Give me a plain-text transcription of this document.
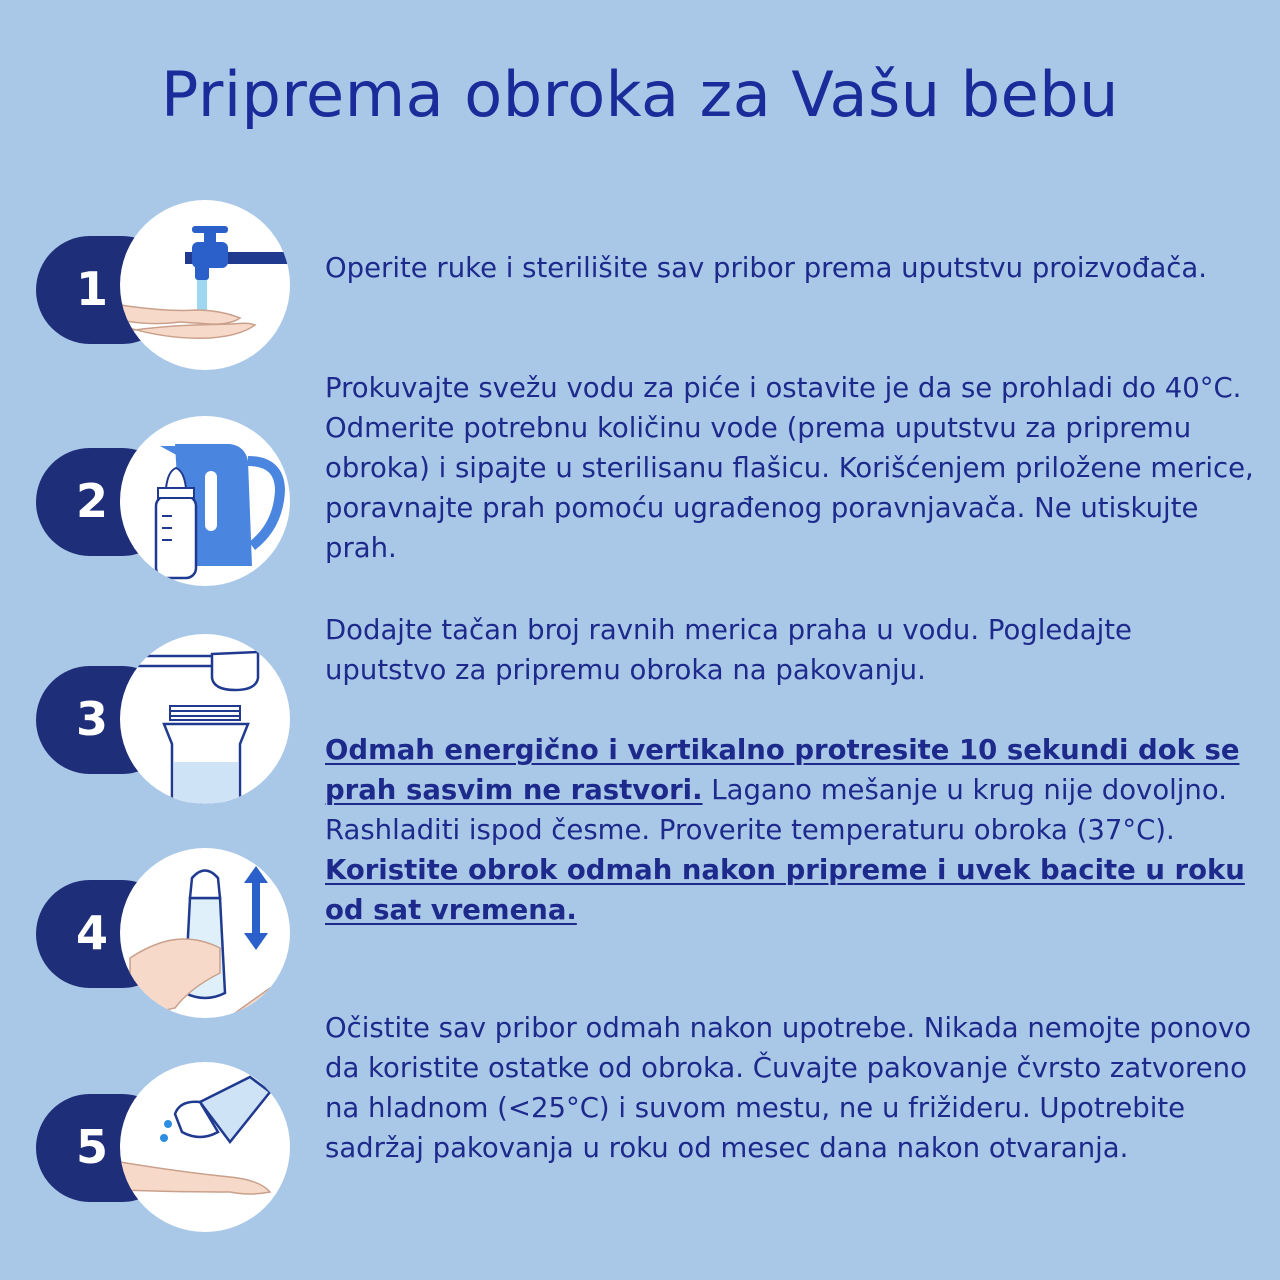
Priprema obroka za Vašu bebu
1	Operite ruke i sterilišite sav pribor prema uputstvu proizvođača.

2

Prokuvajte svežu vodu za piće i ostavite je da se prohladi do 40°C. Odmerite potrebnu količinu vode (prema uputstvu za pripremu obroka) i sipajte u sterilisanu flašicu. Korišćenjem priložene merice, poravnajte prah pomoću ugrađenog poravnjavača. Ne utiskujte prah.

3

Dodajte tačan broj ravnih merica praha u vodu. Pogledajte uputstvo za pripremu obroka na pakovanju.

Odmah energično i vertikalno protresite 10 sekundi dok se prah sasvim ne rastvori. Lagano mešanje u krug nije dovoljno.

Rashladiti ispod česme. Proverite temperaturu obroka (37°C). Koristite obrok odmah nakon pripreme i uvek bacite u roku od sat vremena.

4
5

Očistite sav pribor odmah nakon upotrebe. Nikada nemojte ponovo da koristite ostatke od obroka. Čuvajte pakovanje čvrsto zatvoreno na hladnom (<25°C) i suvom mestu, ne u frižideru. Upotrebite sadržaj pakovanja u roku od mesec dana nakon otvaranja.
